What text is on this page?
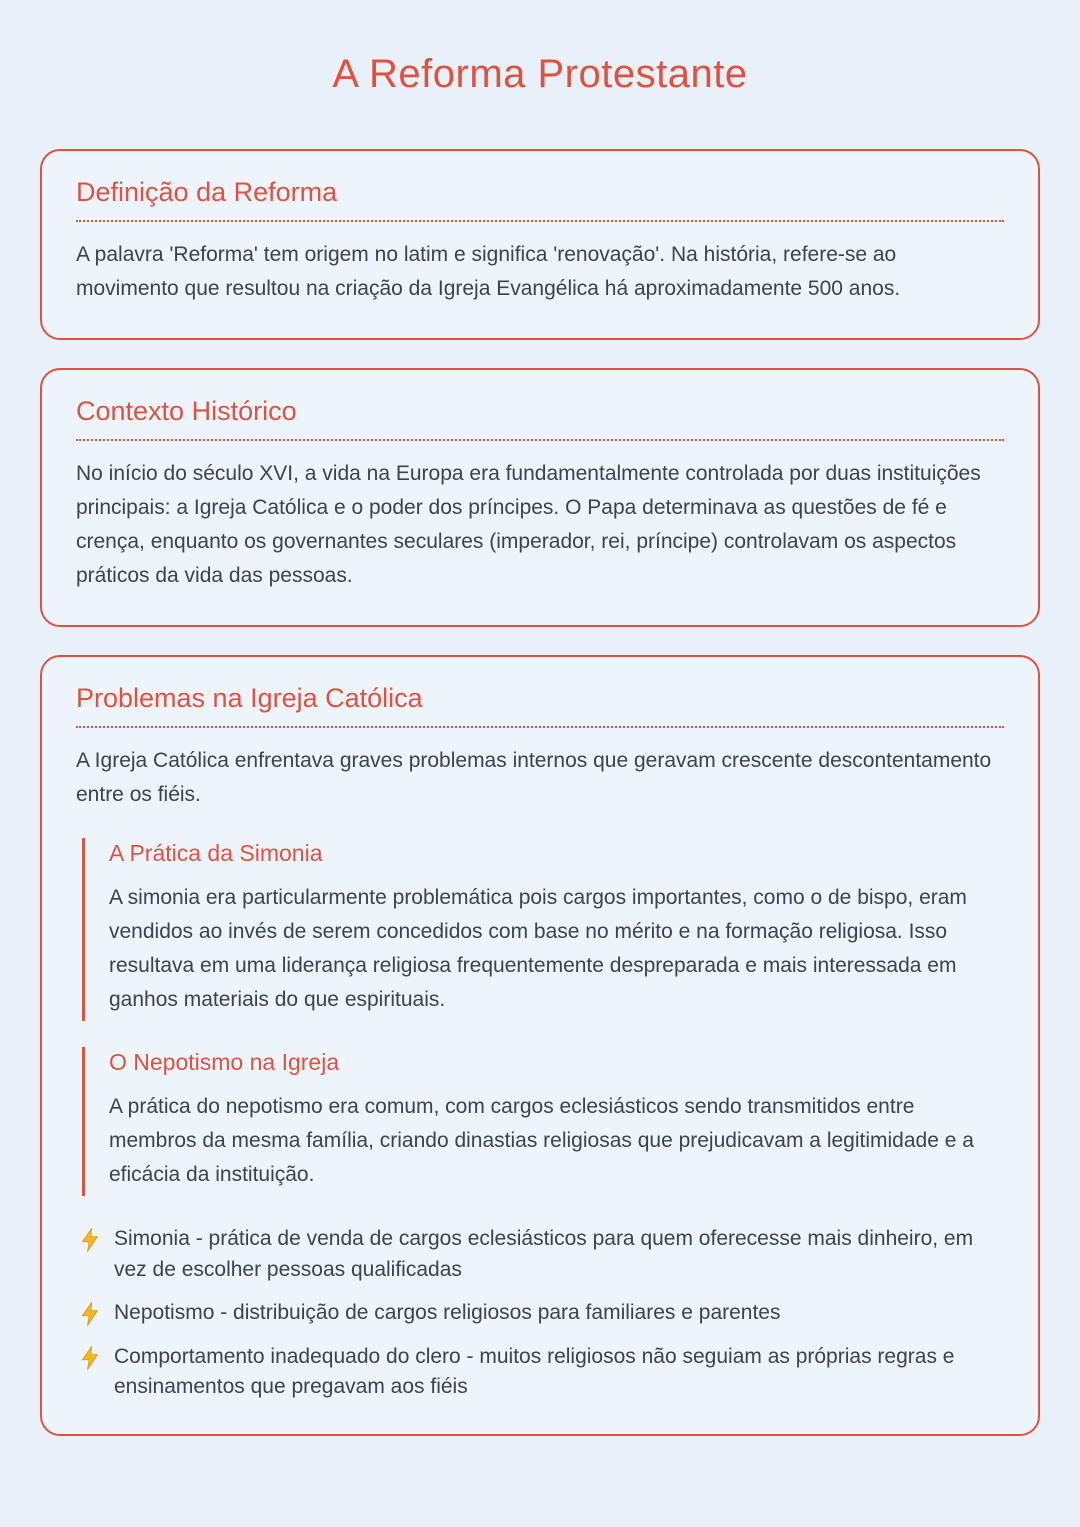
A Reforma Protestante
Definição da Reforma

A palavra 'Reforma' tem origem no latim e significa 'renovação'. Na história, refere-se ao movimento que resultou na criação da Igreja Evangélica há aproximadamente 500 anos.

Contexto Histórico

No início do século XVI, a vida na Europa era fundamentalmente controlada por duas instituições principais: a Igreja Católica e o poder dos príncipes. O Papa determinava as questões de fé e crença, enquanto os governantes seculares (imperador, rei, príncipe) controlavam os aspectos práticos da vida das pessoas.

Problemas na Igreja Católica

A Igreja Católica enfrentava graves problemas internos que geravam crescente descontentamento entre os fiéis.

A Prática da Simonia

A simonia era particularmente problemática pois cargos importantes, como o de bispo, eram vendidos ao invés de serem concedidos com base no mérito e na formação religiosa. Isso resultava em uma liderança religiosa frequentemente despreparada e mais interessada em ganhos materiais do que espirituais.

O Nepotismo na Igreja

A prática do nepotismo era comum, com cargos eclesiásticos sendo transmitidos entre membros da mesma família, criando dinastias religiosas que prejudicavam a legitimidade e a eficácia da instituição.

Simonia - prática de venda de cargos eclesiásticos para quem oferecesse mais dinheiro, em vez de escolher pessoas qualificadas
Nepotismo - distribuição de cargos religiosos para familiares e parentes
Comportamento inadequado do clero - muitos religiosos não seguiam as próprias regras e ensinamentos que pregavam aos fiéis
